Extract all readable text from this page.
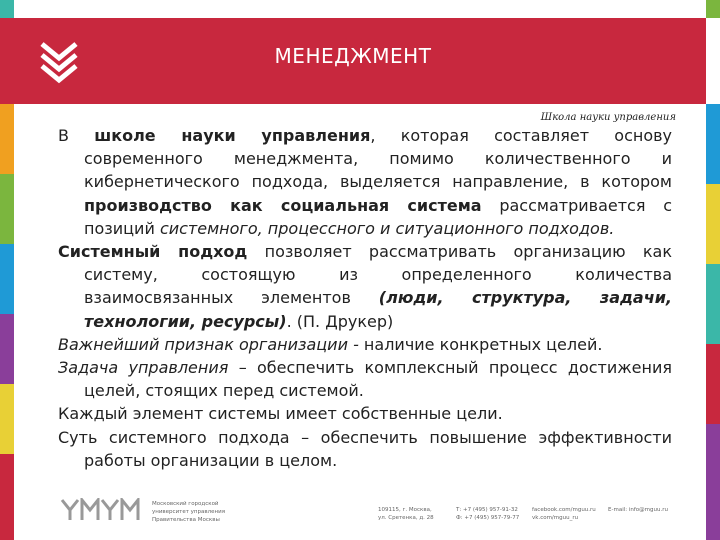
МЕНЕДЖМЕНТ
Школа науки управления

В школе науки управления, которая составляет основу современного менеджмента, помимо количественного и кибернетического подхода, выделяется направление, в котором производство как социальная система рассматривается с позиций системного, процессного и ситуационного подходов.

Системный подход позволяет рассматривать организацию как систему, состоящую из определенного количества взаимосвязанных элементов (люди, структура, задачи, технологии, ресурсы). (П. Друкер)

Важнейший признак организации - наличие конкретных целей.

Задача управления – обеспечить комплексный процесс достижения целей, стоящих перед системой.

Каждый элемент системы имеет собственные цели.

Суть системного подхода – обеспечить повышение эффективности работы организации в целом.

Московский городской
университет управления
Правительства Москвы
109115, г. Москва,
ул. Сретенка, д. 28
Т: +7 (495) 957-91-32
Ф: +7 (495) 957-79-77
facebook.com/mguu.ru
vk.com/mguu_ru
E-mail: info@mguu.ru
